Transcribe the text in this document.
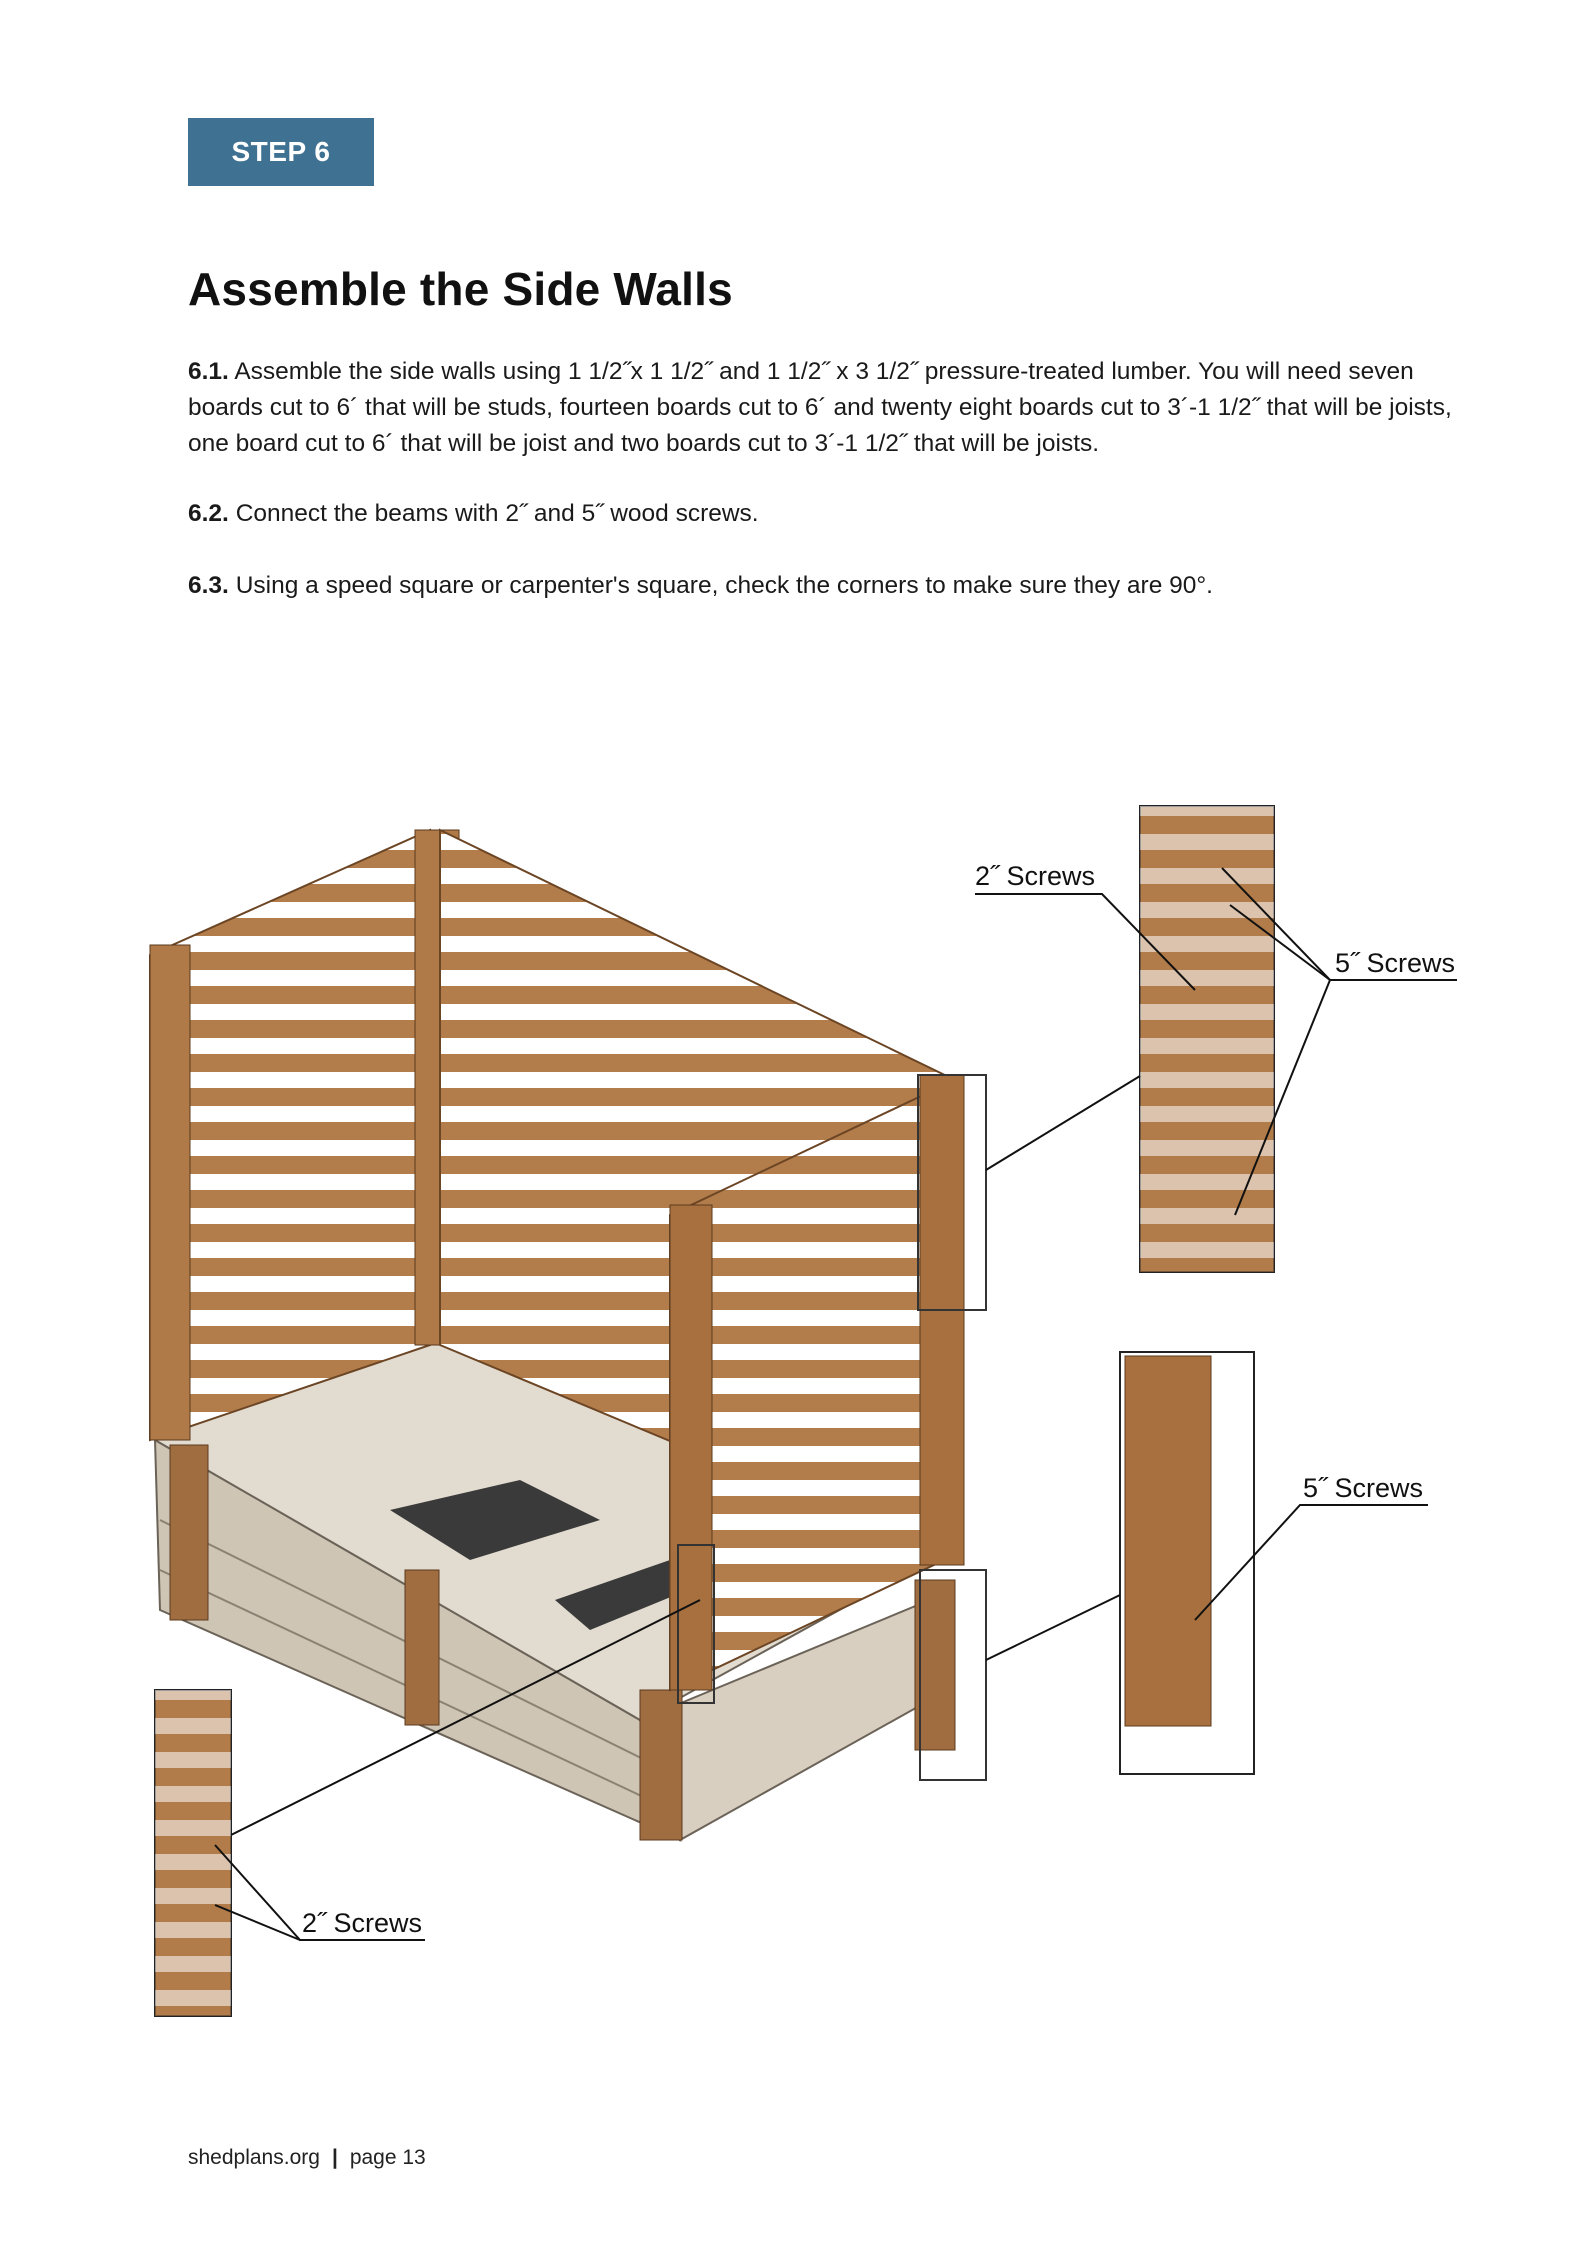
STEP 6
Assemble the Side Walls

6.1. Assemble the side walls using 1 1/2˝x 1 1/2˝ and 1 1/2˝ x 3 1/2˝ pressure-treated lumber. You will need seven boards cut to 6´ that will be studs, fourteen boards cut to 6´ and twenty eight boards cut to 3´-1 1/2˝ that will be joists, one board cut to 6´ that will be joist and two boards cut to 3´-1 1/2˝ that will be joists.

6.2. Connect the beams with 2˝ and 5˝ wood screws.

6.3. Using a speed square or carpenter's square, check the corners to make sure they are 90°.

2˝ Screws
5˝ Screws
5˝ Screws
2˝ Screws
shedplans.org | page 13
